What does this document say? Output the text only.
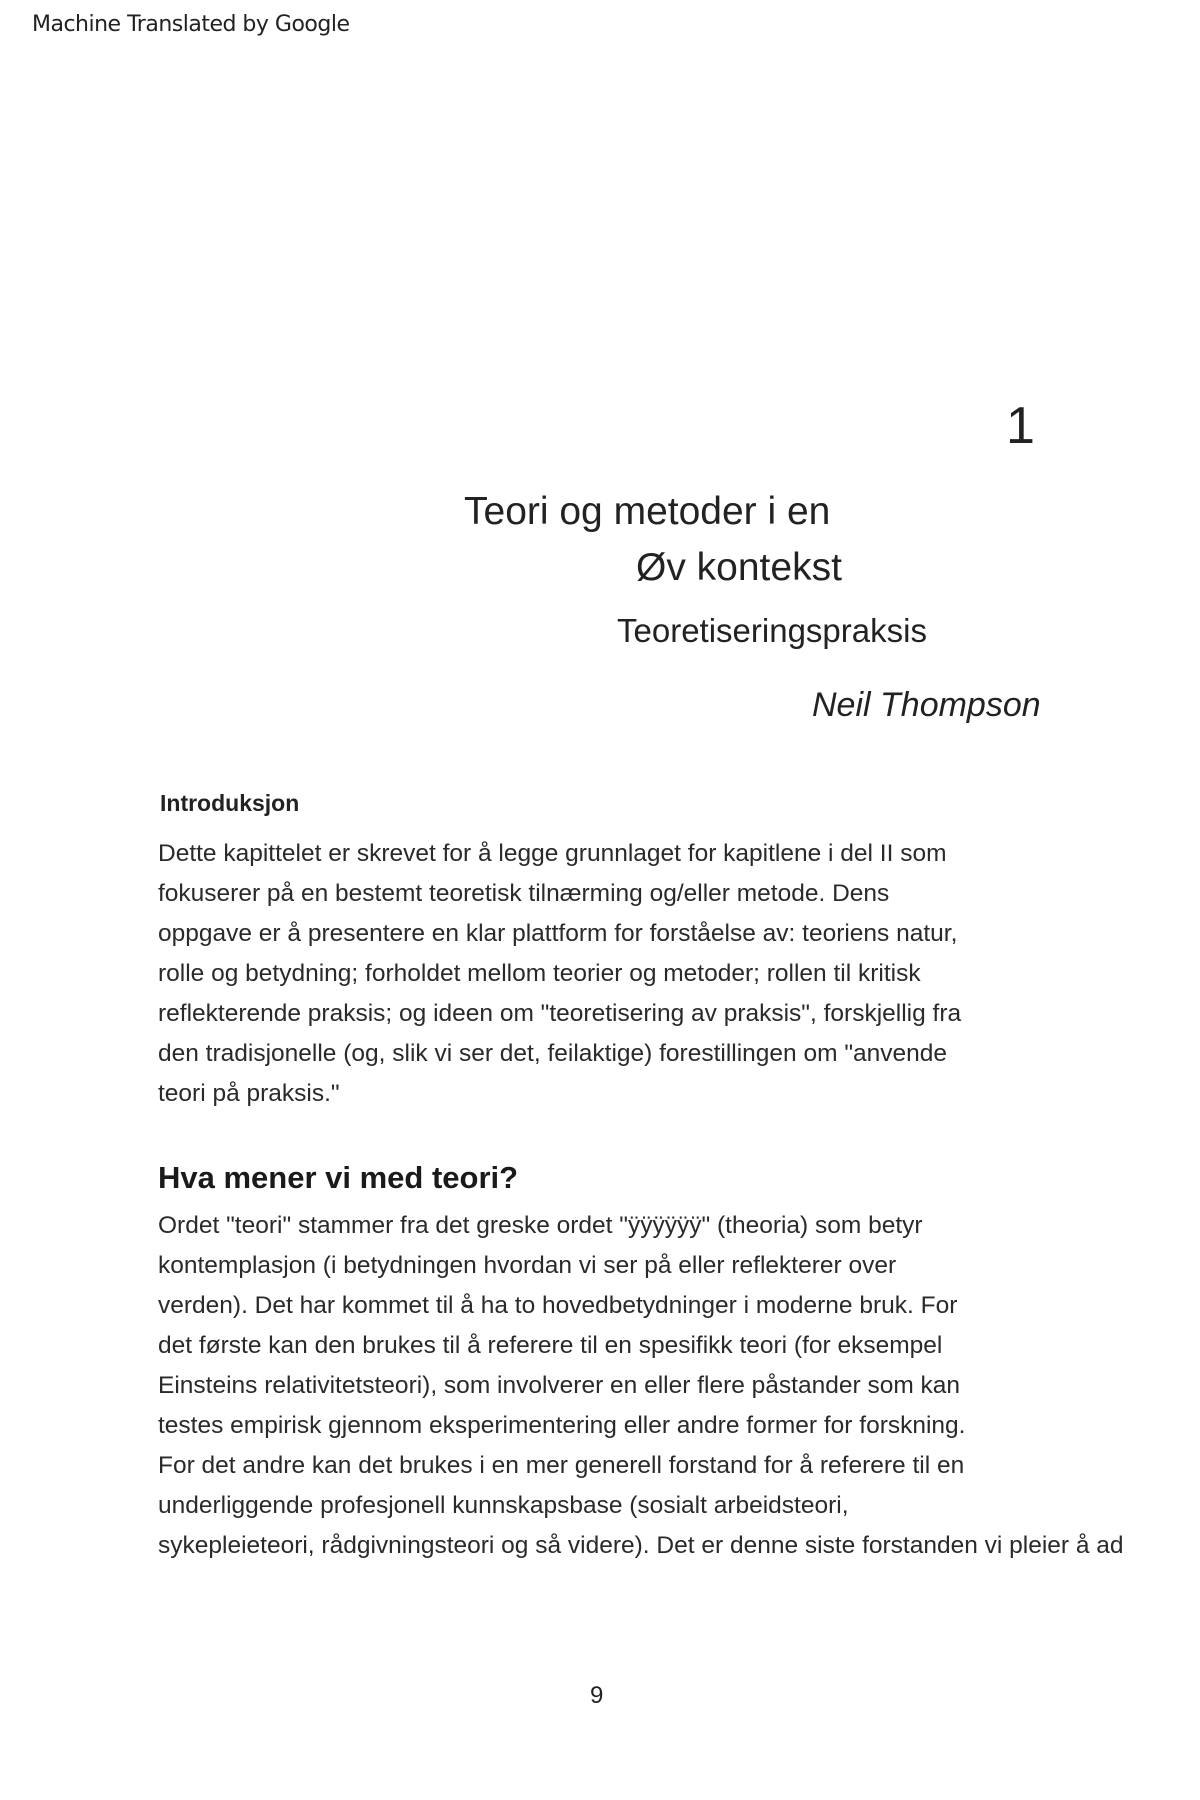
Machine Translated by Google
1
Teori og metoder i en
Øv kontekst
Teoretiseringspraksis
Neil Thompson
Introduksjon

Dette kapittelet er skrevet for å legge grunnlaget for kapitlene i del II som
fokuserer på en bestemt teoretisk tilnærming og/eller metode. Dens
oppgave er å presentere en klar plattform for forståelse av: teoriens natur,
rolle og betydning; forholdet mellom teorier og metoder; rollen til kritisk
reflekterende praksis; og ideen om "teoretisering av praksis", forskjellig fra
den tradisjonelle (og, slik vi ser det, feilaktige) forestillingen om "anvende
teori på praksis."

Hva mener vi med teori?

Ordet "teori" stammer fra det greske ordet "ÿÿÿÿÿÿ" (theoria) som betyr
kontemplasjon (i betydningen hvordan vi ser på eller reflekterer over
verden). Det har kommet til å ha to hovedbetydninger i moderne bruk. For
det første kan den brukes til å referere til en spesifikk teori (for eksempel
Einsteins relativitetsteori), som involverer en eller flere påstander som kan
testes empirisk gjennom eksperimentering eller andre former for forskning.
For det andre kan det brukes i en mer generell forstand for å referere til en
underliggende profesjonell kunnskapsbase (sosialt arbeidsteori,
sykepleieteori, rådgivningsteori og så videre). Det er denne siste forstanden vi pleier å ad

9
